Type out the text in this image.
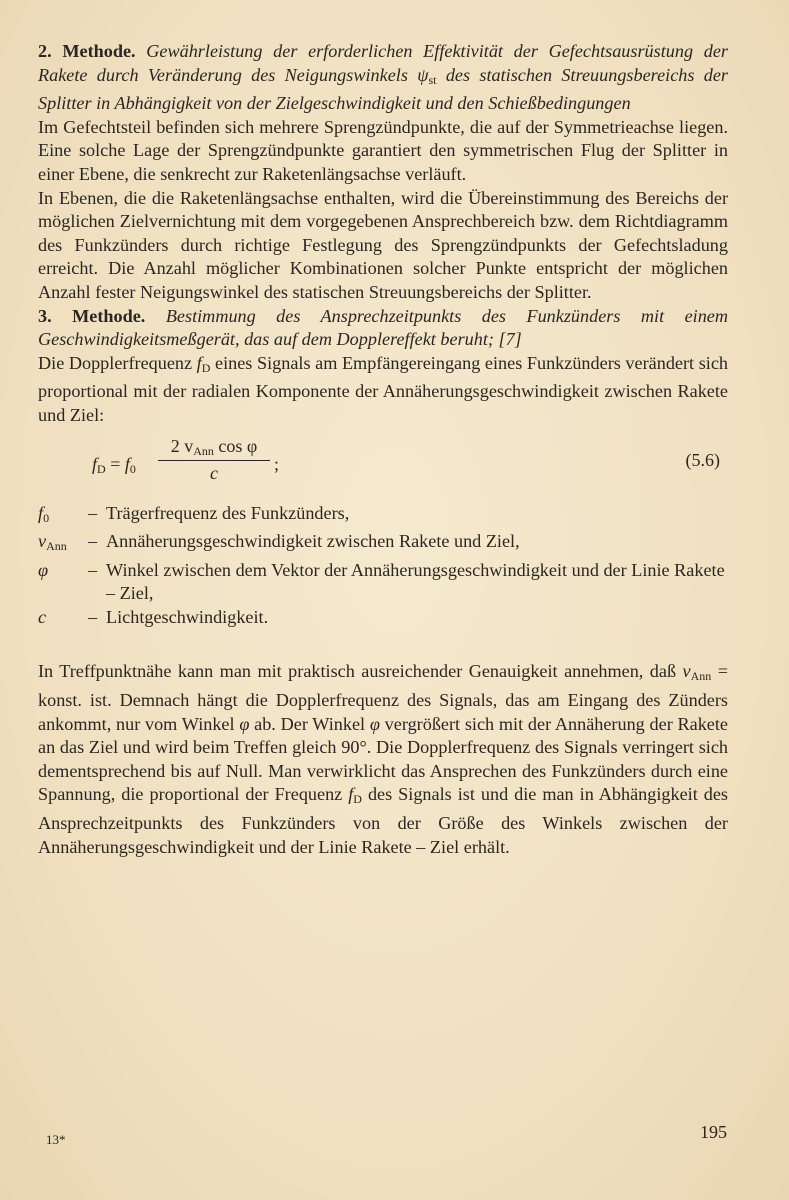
2. Methode. Gewährleistung der erforderlichen Effektivität der Gefechtsausrüstung der Rakete durch Veränderung des Neigungswinkels $\psi_{st}$ des statischen Streuungsbereichs der Splitter in Abhängigkeit von der Zielgeschwindigkeit und den Schießbedingungen

Im Gefechtsteil befinden sich mehrere Sprengzündpunkte, die auf der Symmetrieachse liegen. Eine solche Lage der Sprengzündpunkte garantiert den symmetrischen Flug der Splitter in einer Ebene, die senkrecht zur Raketenlängsachse verläuft.

In Ebenen, die die Raketenlängsachse enthalten, wird die Übereinstimmung des Bereichs der möglichen Zielvernichtung mit dem vorgegebenen Ansprechbereich bzw. dem Richtdiagramm des Funkzünders durch richtige Festlegung des Sprengzündpunkts der Gefechtsladung erreicht. Die Anzahl möglicher Kombinationen solcher Punkte entspricht der möglichen Anzahl fester Neigungswinkel des statischen Streuungsbereichs der Splitter.

3. Methode. Bestimmung des Ansprechzeitpunkts des Funkzünders mit einem Geschwindigkeitsmeßgerät, das auf dem Dopplereffekt beruht; [7]

Die Dopplerfrequenz $f_D$ eines Signals am Empfängereingang eines Funkzünders verändert sich proportional mit der radialen Komponente der Annäherungsgeschwindigkeit zwischen Rakete und Ziel:

$f_D = f_0$
2 $v_{Ann}$ cos φ
c	;	(5.6)
$f_0$	– Trägerfrequenz des Funkzünders,
$v_{Ann}$	– Annäherungsgeschwindigkeit zwischen Rakete und Ziel,
φ	– Winkel zwischen dem Vektor der Annäherungsgeschwindigkeit und der Linie Rakete – Ziel,
c	– Lichtgeschwindigkeit.

In Treffpunktnähe kann man mit praktisch ausreichender Genauigkeit annehmen, daß $v_{Ann}$ = konst. ist. Demnach hängt die Dopplerfrequenz des Signals, das am Eingang des Zünders ankommt, nur vom Winkel φ ab. Der Winkel φ vergrößert sich mit der Annäherung der Rakete an das Ziel und wird beim Treffen gleich 90°. Die Dopplerfrequenz des Signals verringert sich dementsprechend bis auf Null. Man verwirklicht das Ansprechen des Funkzünders durch eine Spannung, die proportional der Frequenz $f_D$ des Signals ist und die man in Abhängigkeit des Ansprechzeitpunkts des Funkzünders von der Größe des Winkels zwischen der Annäherungsgeschwindigkeit und der Linie Rakete – Ziel erhält.

13*	195
